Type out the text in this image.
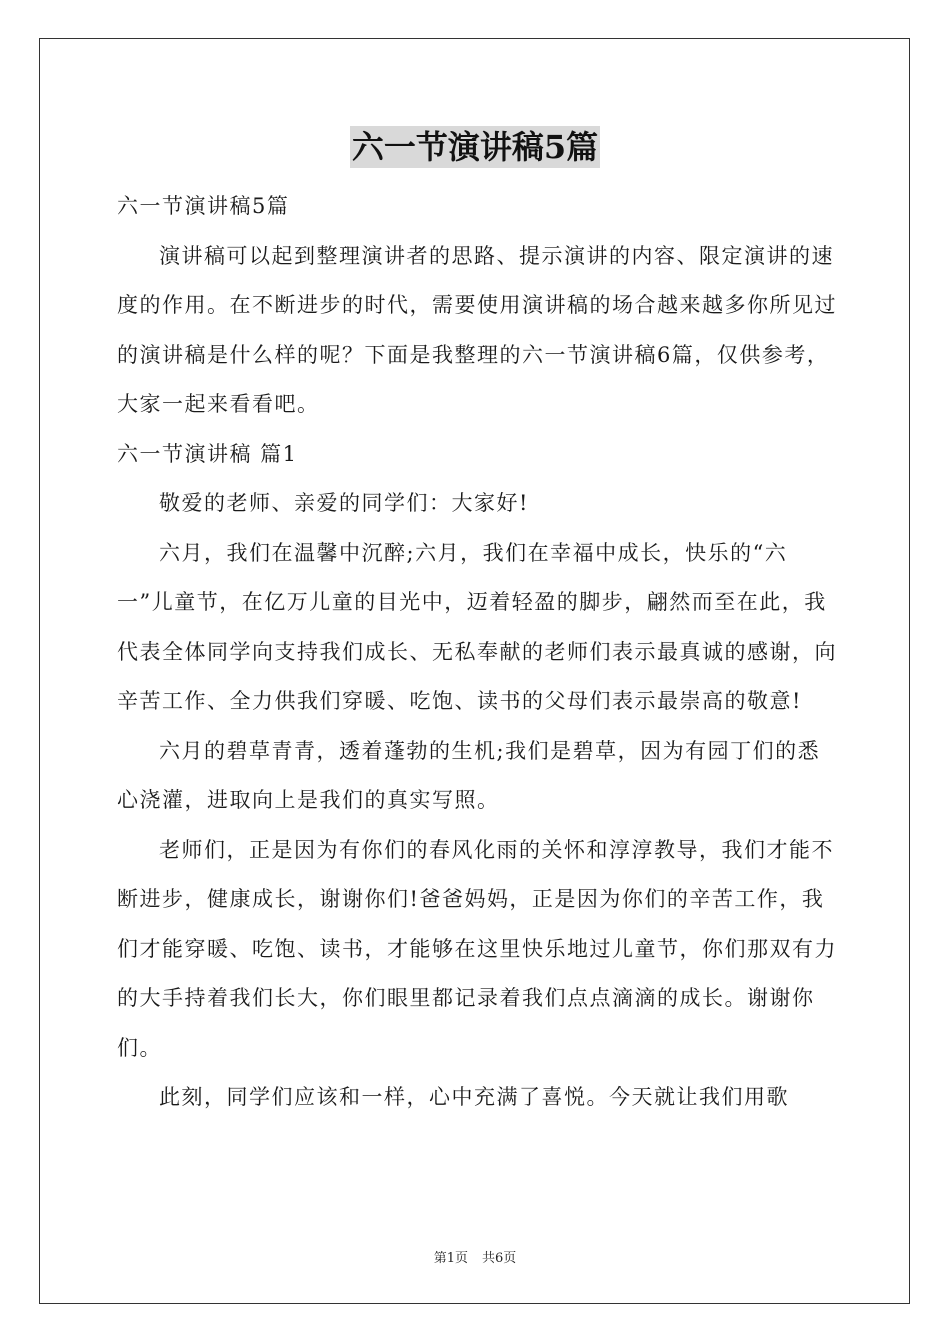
六一节演讲稿5篇

六一节演讲稿5篇

演讲稿可以起到整理演讲者的思路、提示演讲的内容、限定演讲的速度的作用。在不断进步的时代，需要使用演讲稿的场合越来越多你所见过的演讲稿是什么样的呢？下面是我整理的六一节演讲稿6篇，仅供参考，大家一起来看看吧。

六一节演讲稿 篇1

敬爱的老师、亲爱的同学们：大家好!

六月，我们在温馨中沉醉;六月，我们在幸福中成长，快乐的“六一”儿童节，在亿万儿童的目光中，迈着轻盈的脚步，翩然而至在此，我代表全体同学向支持我们成长、无私奉献的老师们表示最真诚的感谢，向辛苦工作、全力供我们穿暖、吃饱、读书的父母们表示最崇高的敬意!

六月的碧草青青，透着蓬勃的生机;我们是碧草，因为有园丁们的悉心浇灌，进取向上是我们的真实写照。

老师们，正是因为有你们的春风化雨的关怀和淳淳教导，我们才能不断进步，健康成长，谢谢你们!爸爸妈妈，正是因为你们的辛苦工作，我们才能穿暖、吃饱、读书，才能够在这里快乐地过儿童节，你们那双有力的大手持着我们长大，你们眼里都记录着我们点点滴滴的成长。谢谢你们。

此刻，同学们应该和一样，心中充满了喜悦。今天就让我们用歌

第1页 共6页
